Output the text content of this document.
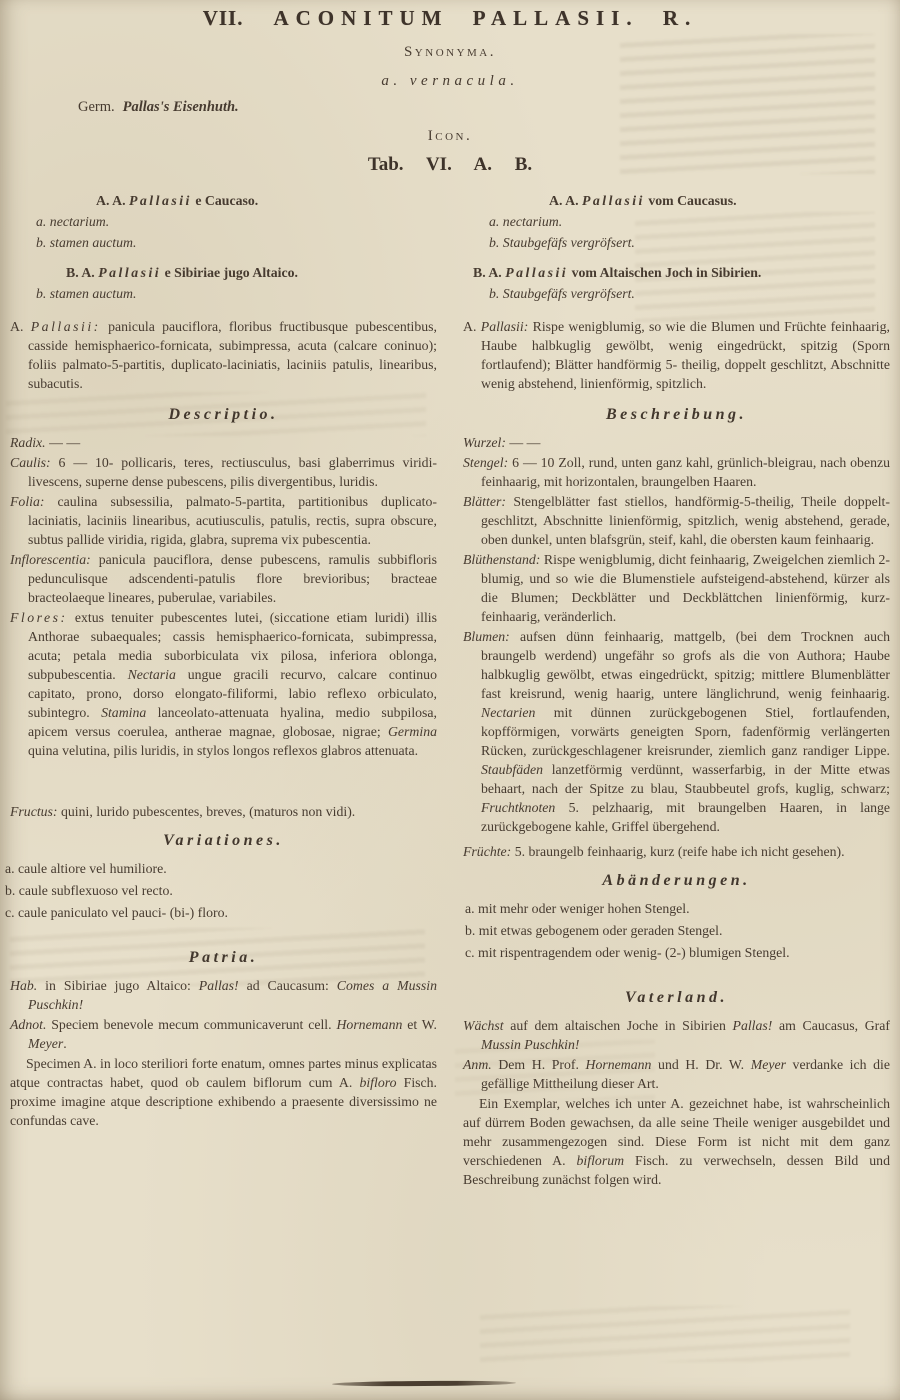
VII. ACONITUM PALLASII. R.
Synonyma.
a. vernacula.
Germ. Pallas's Eisenhuth.
Icon.
Tab. VI. A. B.
A. A. Pallasii e Caucaso.
a. nectarium.
b. stamen auctum.
B. A. Pallasii e Sibiriae jugo Altaico.
b. stamen auctum.

A. Pallasii: panicula pauciflora, floribus fructibusque pubescentibus, casside hemisphaerico-fornicata, subimpressa, acuta (calcare coninuo); foliis palmato-5-partitis, duplicato-laciniatis, laciniis patulis, linearibus, subacutis.

Descriptio.

Radix. — —

Caulis: 6 — 10- pollicaris, teres, rectiusculus, basi glaberrimus viridi-livescens, superne dense pubescens, pilis divergentibus, luridis.

Folia: caulina subsessilia, palmato-5-partita, partitionibus duplicato-laciniatis, laciniis linearibus, acutiusculis, patulis, rectis, supra obscure, subtus pallide viridia, rigida, glabra, suprema vix pubescentia.

Inflorescentia: panicula pauciflora, dense pubescens, ramulis subbifloris pedunculisque adscendenti-patulis flore brevioribus; bracteae bracteolaeque lineares, puberulae, variabiles.

Flores: extus tenuiter pubescentes lutei, (siccatione etiam luridi) illis Anthorae subaequales; cassis hemisphaerico-fornicata, subimpressa, acuta; petala media suborbiculata vix pilosa, inferiora oblonga, subpubescentia. Nectaria ungue gracili recurvo, calcare continuo capitato, prono, dorso elongato-filiformi, labio reflexo orbiculato, subintegro. Stamina lanceolato-attenuata hyalina, medio subpilosa, apicem versus coerulea, antherae magnae, globosae, nigrae; Germina quina velutina, pilis luridis, in stylos longos reflexos glabros attenuata.

Fructus: quini, lurido pubescentes, breves, (maturos non vidi).

Variationes.
a. caule altiore vel humiliore.
b. caule subflexuoso vel recto.
c. caule paniculato vel pauci- (bi-) floro.
Patria.

Hab. in Sibiriae jugo Altaico: Pallas! ad Caucasum: Comes a Mussin Puschkin!

Adnot. Speciem benevole mecum communicaverunt cell. Hornemann et W. Meyer.

Specimen A. in loco steriliori forte enatum, omnes partes minus explicatas atque contractas habet, quod ob caulem biflorum cum A. bifloro Fisch. proxime imagine atque descriptione exhibendo a praesente diversissimo ne confundas cave.

A. A. Pallasii vom Caucasus.
a. nectarium.
b. Staubgefäfs vergröfsert.
B. A. Pallasii vom Altaischen Joch in Sibirien.
b. Staubgefäfs vergröfsert.

A. Pallasii: Rispe wenigblumig, so wie die Blumen und Früchte feinhaarig, Haube halbkuglig gewölbt, wenig eingedrückt, spitzig (Sporn fortlaufend); Blätter handförmig 5- theilig, doppelt geschlitzt, Abschnitte wenig abstehend, linienförmig, spitzlich.

Beschreibung.

Wurzel: — —

Stengel: 6 — 10 Zoll, rund, unten ganz kahl, grünlich-bleigrau, nach obenzu feinhaarig, mit horizontalen, braungelben Haaren.

Blätter: Stengelblätter fast stiellos, handförmig-5-theilig, Theile doppelt-geschlitzt, Abschnitte linienförmig, spitzlich, wenig abstehend, gerade, oben dunkel, unten blafsgrün, steif, kahl, die obersten kaum feinhaarig.

Blüthenstand: Rispe wenigblumig, dicht feinhaarig, Zweigelchen ziemlich 2- blumig, und so wie die Blumenstiele aufsteigend-abstehend, kürzer als die Blumen; Deckblätter und Deckblättchen linienförmig, kurz-feinhaarig, veränderlich.

Blumen: aufsen dünn feinhaarig, mattgelb, (bei dem Trocknen auch braungelb werdend) ungefähr so grofs als die von Authora; Haube halbkuglig gewölbt, etwas eingedrückt, spitzig; mittlere Blumenblätter fast kreisrund, wenig haarig, untere länglichrund, wenig feinhaarig. Nectarien mit dünnen zurückgebogenen Stiel, fortlaufenden, kopfförmigen, vorwärts geneigten Sporn, fadenförmig verlängerten Rücken, zurückgeschlagener kreisrunder, ziemlich ganz randiger Lippe. Staubfäden lanzetförmig verdünnt, wasserfarbig, in der Mitte etwas behaart, nach der Spitze zu blau, Staubbeutel grofs, kuglig, schwarz; Fruchtknoten 5. pelzhaarig, mit braungelben Haaren, in lange zurückgebogene kahle, Griffel übergehend.

Früchte: 5. braungelb feinhaarig, kurz (reife habe ich nicht gesehen).

Abänderungen.
a. mit mehr oder weniger hohen Stengel.
b. mit etwas gebogenem oder geraden Stengel.
c. mit rispentragendem oder wenig- (2-) blumigen Stengel.
Vaterland.

Wächst auf dem altaischen Joche in Sibirien Pallas! am Caucasus, Graf Mussin Puschkin!

Anm. Dem H. Prof. Hornemann und H. Dr. W. Meyer verdanke ich die gefällige Mittheilung dieser Art.

Ein Exemplar, welches ich unter A. gezeichnet habe, ist wahrscheinlich auf dürrem Boden gewachsen, da alle seine Theile weniger ausgebildet und mehr zusammengezogen sind. Diese Form ist nicht mit dem ganz verschiedenen A. biflorum Fisch. zu verwechseln, dessen Bild und Beschreibung zunächst folgen wird.
